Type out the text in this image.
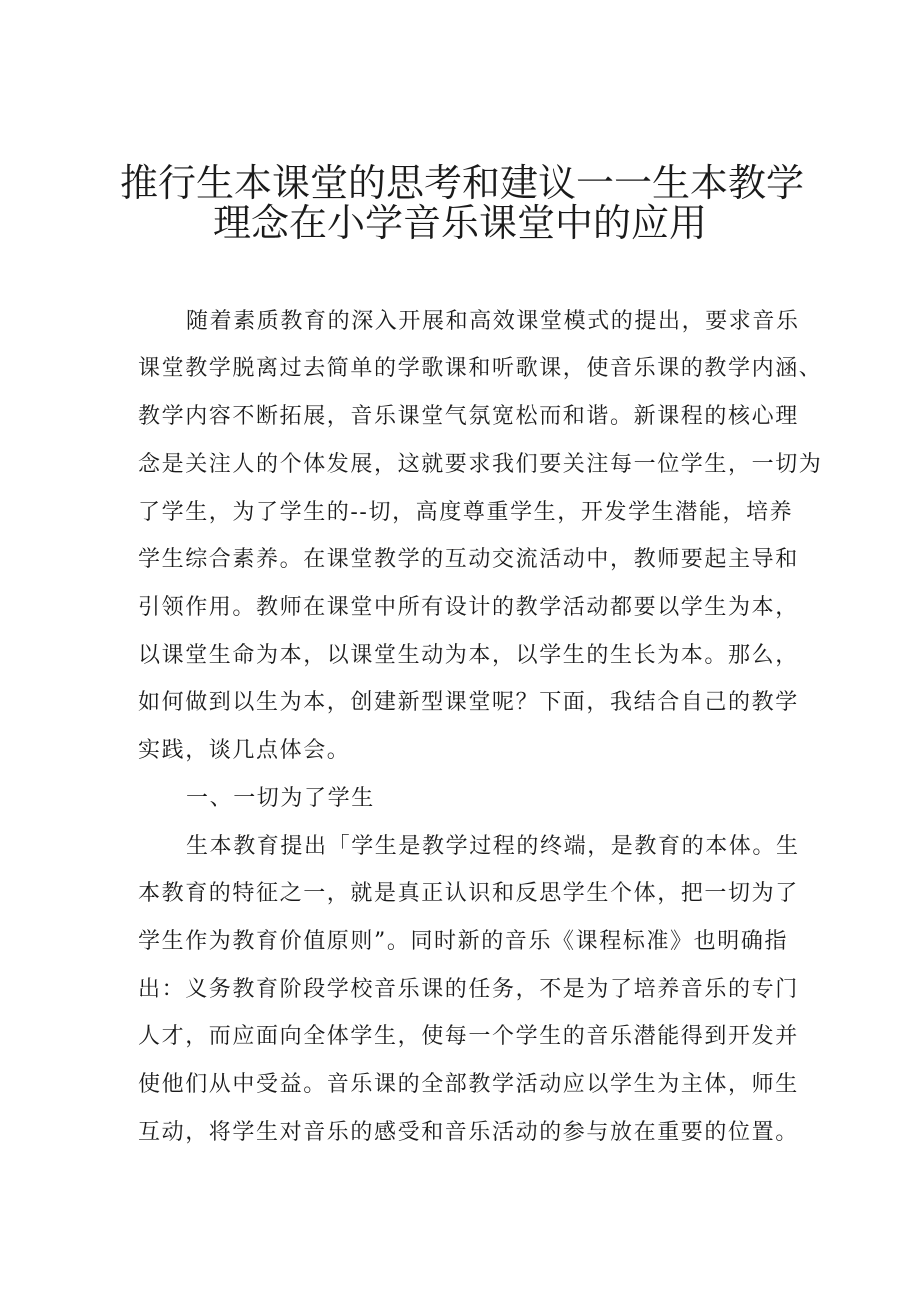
推行生本课堂的思考和建议一一生本教学
理念在小学音乐课堂中的应用
随着素质教育的深入开展和高效课堂模式的提出，要求音乐
课堂教学脱离过去简单的学歌课和听歌课，使音乐课的教学内涵、
教学内容不断拓展，音乐课堂气氛宽松而和谐。新课程的核心理
念是关注人的个体发展，这就要求我们要关注每一位学生，一切为
了学生，为了学生的--切，高度尊重学生，开发学生潜能，培养
学生综合素养。在课堂教学的互动交流活动中，教师要起主导和
引领作用。教师在课堂中所有设计的教学活动都要以学生为本，
以课堂生命为本，以课堂生动为本，以学生的生长为本。那么，
如何做到以生为本，创建新型课堂呢？下面，我结合自己的教学
实践，谈几点体会。
一、一切为了学生
生本教育提出「学生是教学过程的终端，是教育的本体。生
本教育的特征之一，就是真正认识和反思学生个体，把一切为了
学生作为教育价值原则”。同时新的音乐《课程标准》也明确指
出：义务教育阶段学校音乐课的任务，不是为了培养音乐的专门
人才，而应面向全体学生，使每一个学生的音乐潜能得到开发并
使他们从中受益。音乐课的全部教学活动应以学生为主体，师生
互动，将学生对音乐的感受和音乐活动的参与放在重要的位置。
